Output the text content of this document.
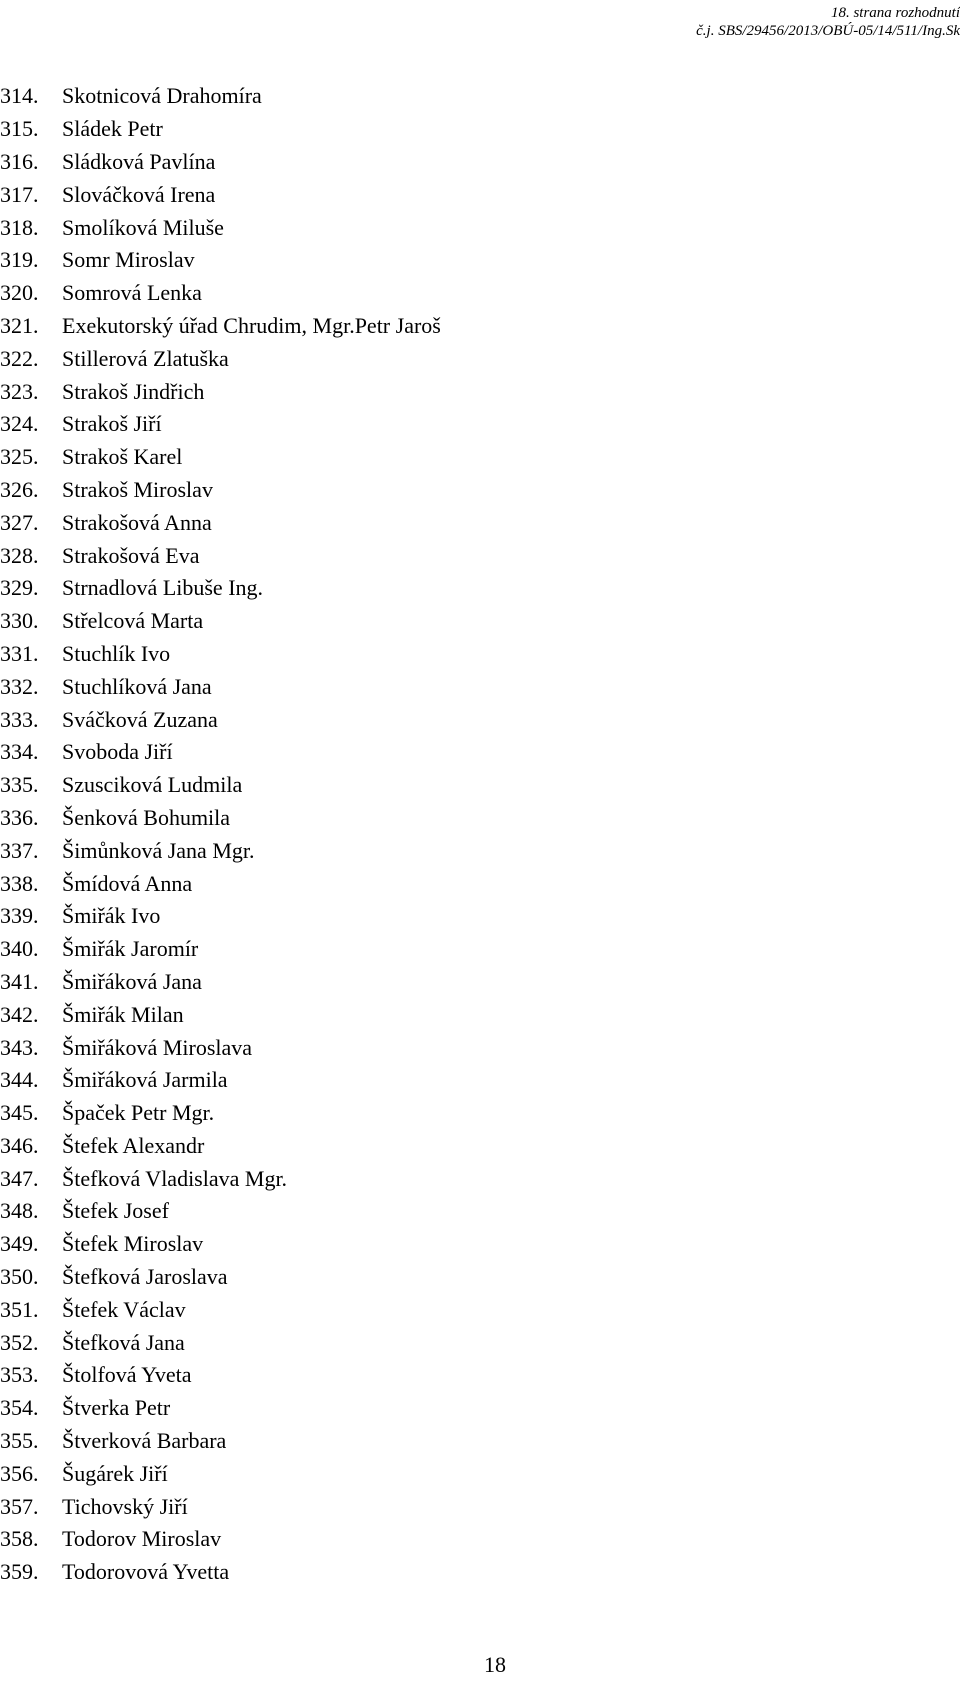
18. strana rozhodnutí
č.j. SBS/29456/2013/OBÚ-05/14/511/Ing.Sk
314.	Skotnicová Drahomíra
315.	Sládek Petr
316.	Sládková Pavlína
317.	Slováčková Irena
318.	Smolíková Miluše
319.	Somr Miroslav
320.	Somrová Lenka
321.	Exekutorský úřad Chrudim, Mgr.Petr Jaroš
322.	Stillerová Zlatuška
323.	Strakoš Jindřich
324.	Strakoš Jiří
325.	Strakoš Karel
326.	Strakoš Miroslav
327.	Strakošová Anna
328.	Strakošová Eva
329.	Strnadlová Libuše Ing.
330.	Střelcová Marta
331.	Stuchlík Ivo
332.	Stuchlíková Jana
333.	Sváčková Zuzana
334.	Svoboda Jiří
335.	Szusciková Ludmila
336.	Šenková Bohumila
337.	Šimůnková Jana Mgr.
338.	Šmídová Anna
339.	Šmiřák Ivo
340.	Šmiřák Jaromír
341.	Šmiřáková Jana
342.	Šmiřák Milan
343.	Šmiřáková Miroslava
344.	Šmiřáková Jarmila
345.	Špaček Petr Mgr.
346.	Štefek Alexandr
347.	Štefková Vladislava Mgr.
348.	Štefek Josef
349.	Štefek Miroslav
350.	Štefková Jaroslava
351.	Štefek Václav
352.	Štefková Jana
353.	Štolfová Yveta
354.	Štverka Petr
355.	Štverková Barbara
356.	Šugárek Jiří
357.	Tichovský Jiří
358.	Todorov Miroslav
359.	Todorovová Yvetta
18
